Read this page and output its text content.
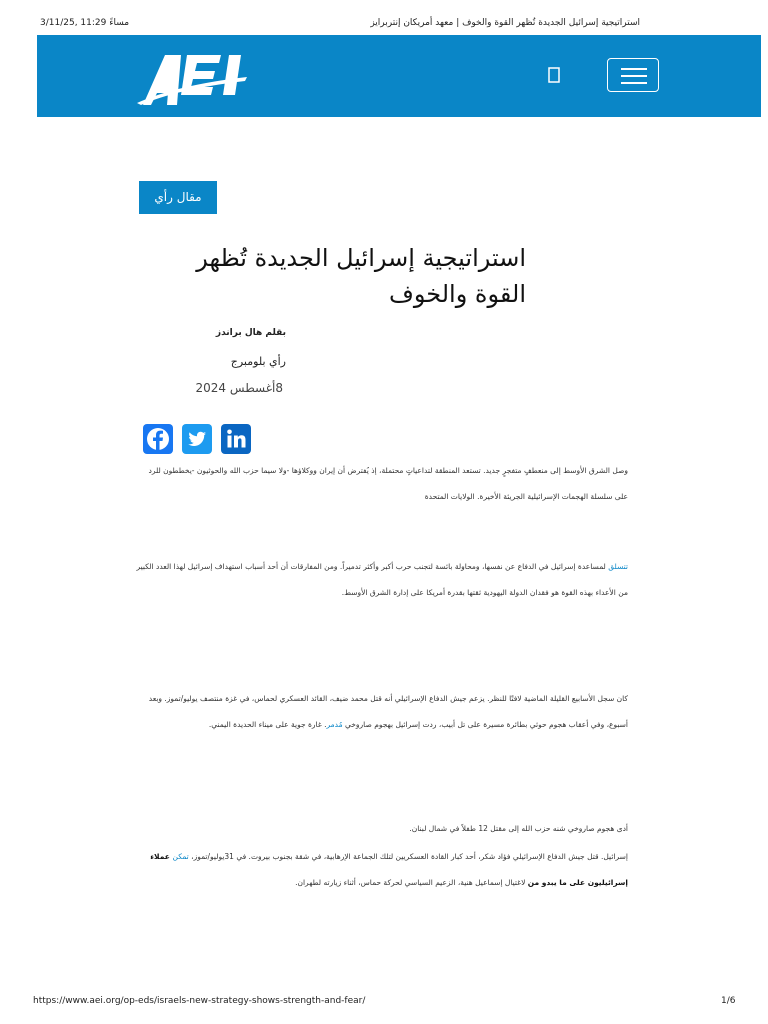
3/11/25, 11:29 مساءً	استراتيجية إسرائيل الجديدة تُظهر القوة والخوف | معهد أمريكان إنتربرايز
مقال رأي
استراتيجية إسرائيل الجديدة تُظهر القوة والخوف
بقلم هال براندز
رأي بلومبرج
8أغسطس 2024

وصل الشرق الأوسط إلى منعطفٍ متفجرٍ جديد. تستعد المنطقة لتداعياتٍ محتملة، إذ يُفترض أن إيران ووكلاؤها -ولا سيما حزب الله والحوثيون -يخططون للرد على سلسلة الهجمات الإسرائيلية الجريئة الأخيرة. الولايات المتحدة

تتسلق لمساعدة إسرائيل في الدفاع عن نفسها، ومحاولة بائسة لتجنب حرب أكبر وأكثر تدميراً. ومن المفارقات أن أحد أسباب استهداف إسرائيل لهذا العدد الكبير من الأعداء بهذه القوة هو فقدان الدولة اليهودية ثقتها بقدرة أمريكا على إدارة الشرق الأوسط.

كان سجل الأسابيع القليلة الماضية لافتًا للنظر. يزعم جيش الدفاع الإسرائيلي أنه قتل محمد ضيف، القائد العسكري لحماس، في غزة منتصف يوليو/تموز. وبعد أسبوع، وفي أعقاب هجوم حوثي بطائرة مسيرة على تل أبيب، ردت إسرائيل بهجوم صاروخي مُدمر. غارة جوية على ميناء الحديدة اليمني.

أدى هجوم صاروخي شنه حزب الله إلى مقتل 12 طفلاً في شمال لبنان.

إسرائيل. قتل جيش الدفاع الإسرائيلي فؤاد شكر، أحد كبار القادة العسكريين لتلك الجماعة الإرهابية، في شقة بجنوب بيروت. في 31يوليو/تموز، تمكن عملاء إسرائيليون على ما يبدو من لاغتيال إسماعيل هنية، الزعيم السياسي لحركة حماس، أثناء زيارته لطهران.

https://www.aei.org/op-eds/israels-new-strategy-shows-strength-and-fear/	1/6
